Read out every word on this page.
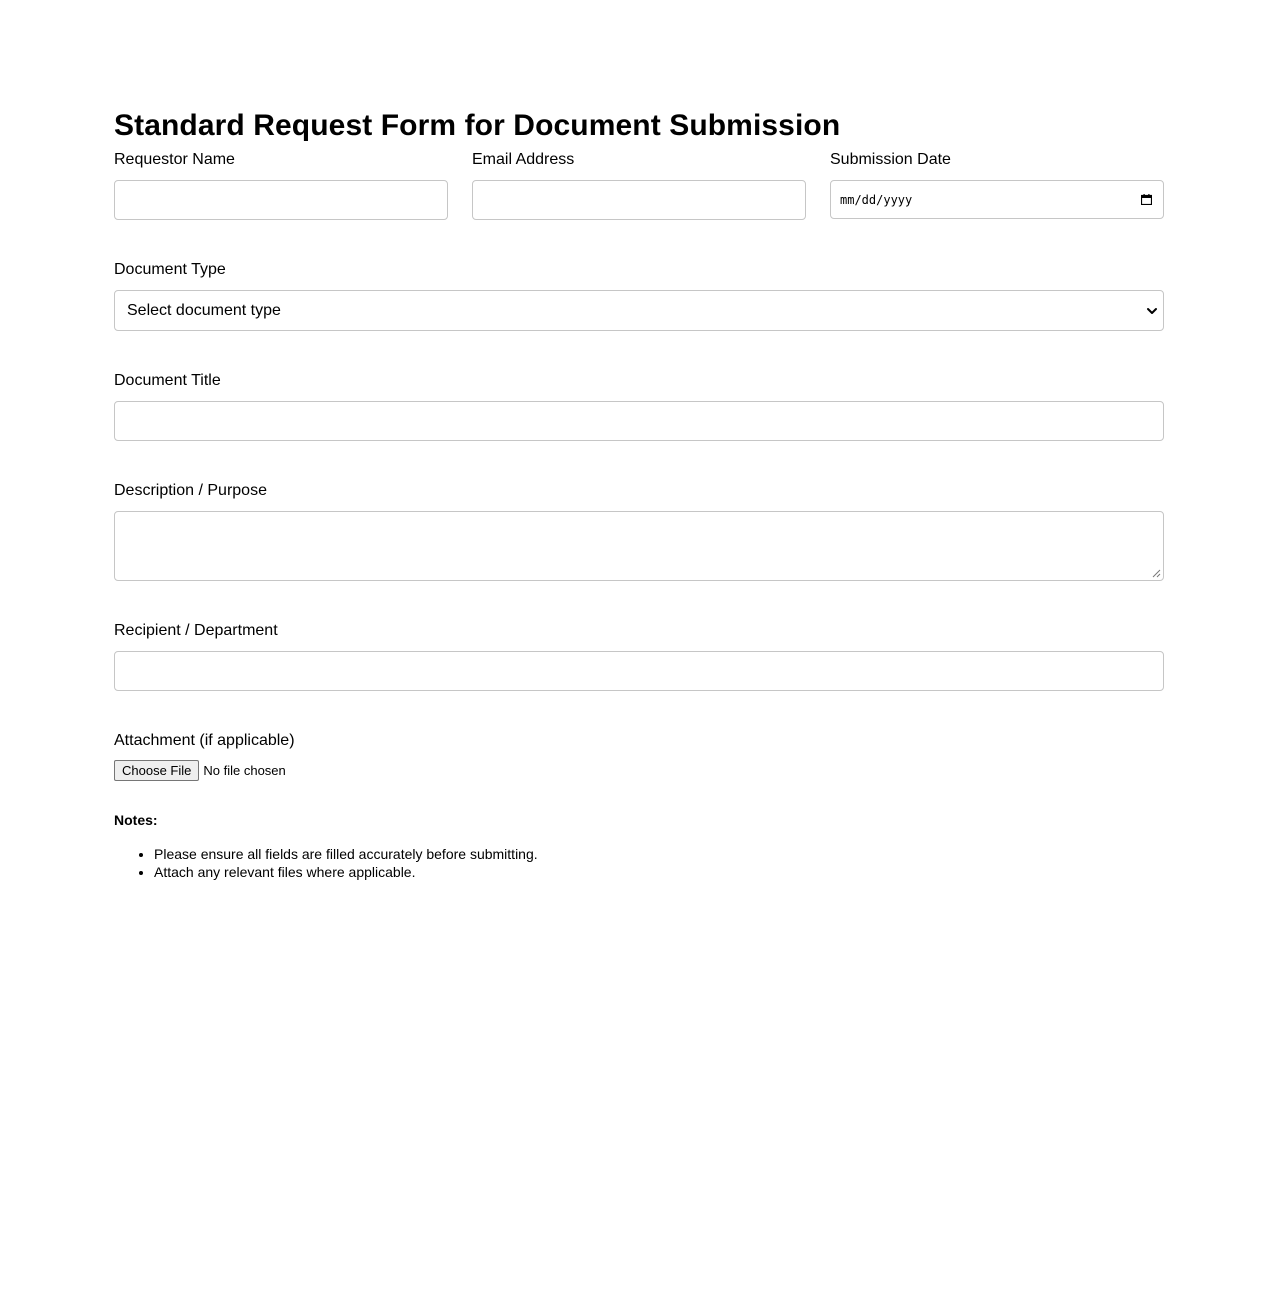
Standard Request Form for Document Submission
Requestor Name	Email Address	Submission Date
mm/dd/yyyy
Document Type
Select document type
Document Title
Description / Purpose
Recipient / Department
Attachment (if applicable)
Choose File No file chosen

Notes:

• Please ensure all fields are filled accurately before submitting.
• Attach any relevant files where applicable.
